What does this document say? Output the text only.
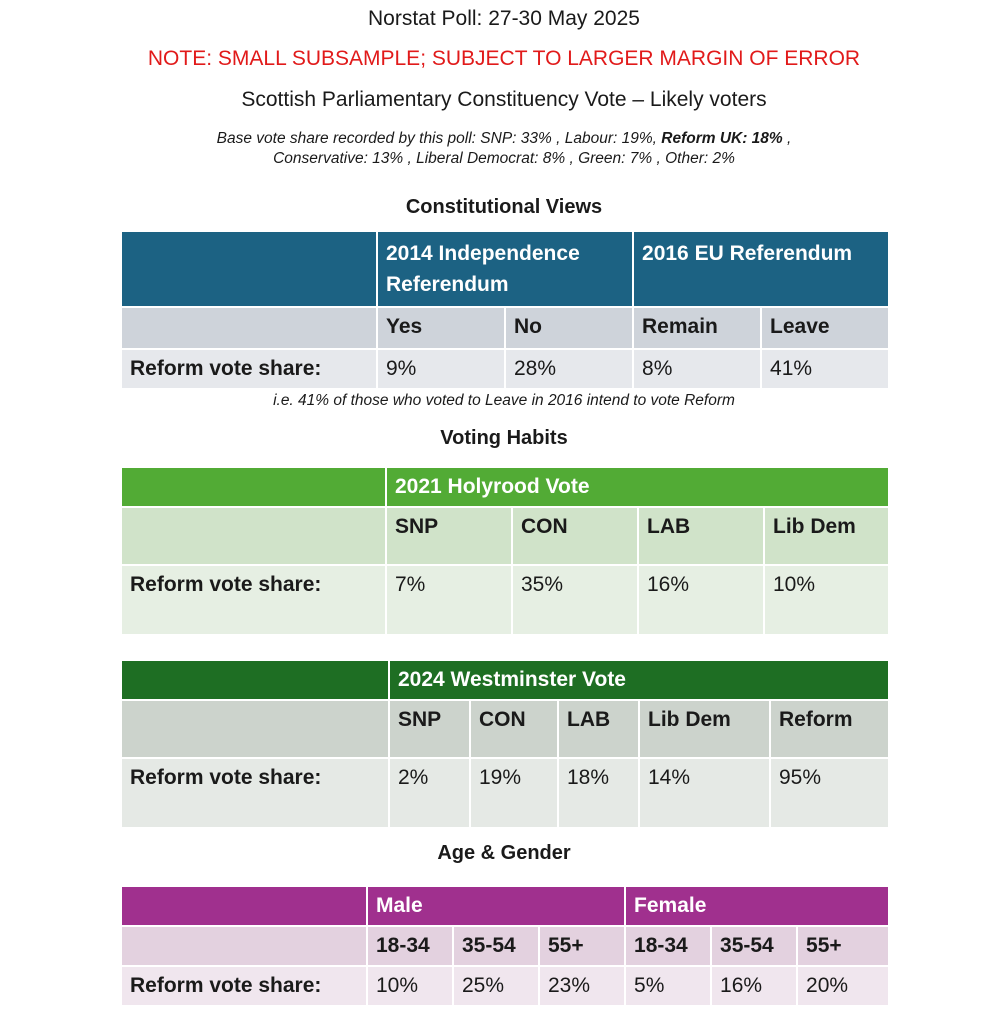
Norstat Poll: 27-30 May 2025
NOTE: SMALL SUBSAMPLE; SUBJECT TO LARGER MARGIN OF ERROR
Scottish Parliamentary Constituency Vote – Likely voters
Base vote share recorded by this poll: SNP: 33% , Labour: 19%, Reform UK: 18% ,
Conservative: 13% , Liberal Democrat: 8% , Green: 7% , Other: 2%
Constitutional Views
	2014 Independence Referendum		2016 EU Referendum	
	Yes	No	Remain	Leave
Reform vote share:	9%	28%	8%	41%
i.e. 41% of those who voted to Leave in 2016 intend to vote Reform
Voting Habits
	2021 Holyrood Vote			
	SNP	CON	LAB	Lib Dem
Reform vote share:	7%	35%	16%	10%
	2024 Westminster Vote				
	SNP	CON	LAB	Lib Dem	Reform
Reform vote share:	2%	19%	18%	14%	95%
Age & Gender
	Male			Female		
	18-34	35-54	55+	18-34	35-54	55+
Reform vote share:	10%	25%	23%	5%	16%	20%
